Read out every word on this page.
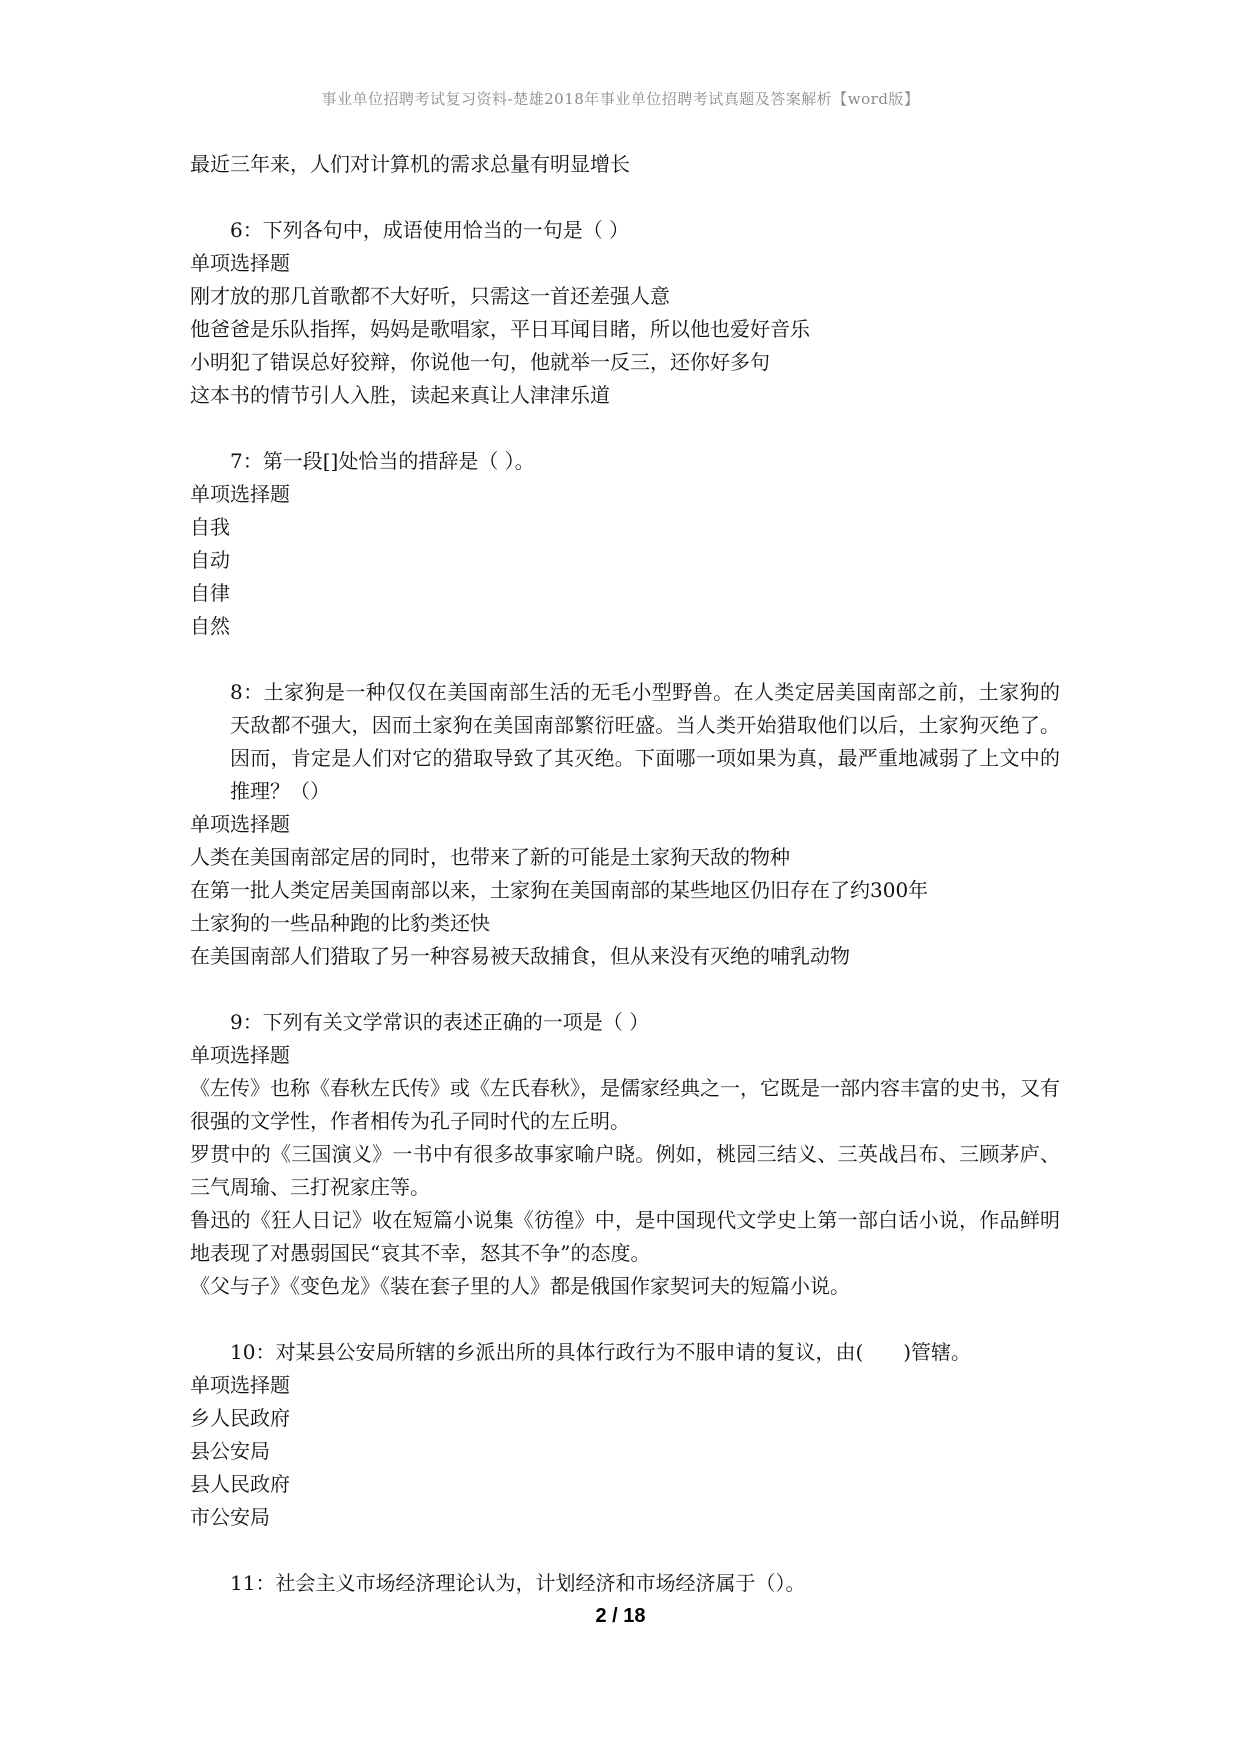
事业单位招聘考试复习资料-楚雄2018年事业单位招聘考试真题及答案解析【word版】
最近三年来，人们对计算机的需求总量有明显增长
6：下列各句中，成语使用恰当的一句是（ ）
单项选择题
刚才放的那几首歌都不大好听，只需这一首还差强人意
他爸爸是乐队指挥，妈妈是歌唱家，平日耳闻目睹，所以他也爱好音乐
小明犯了错误总好狡辩，你说他一句，他就举一反三，还你好多句
这本书的情节引人入胜，读起来真让人津津乐道
7：第一段[]处恰当的措辞是（ ）。
单项选择题
自我
自动
自律
自然
8：土家狗是一种仅仅在美国南部生活的无毛小型野兽。在人类定居美国南部之前，土家狗的天敌都不强大，因而土家狗在美国南部繁衍旺盛。当人类开始猎取他们以后，土家狗灭绝了。因而，肯定是人们对它的猎取导致了其灭绝。下面哪一项如果为真，最严重地减弱了上文中的推理？（）
单项选择题
人类在美国南部定居的同时，也带来了新的可能是土家狗天敌的物种
在第一批人类定居美国南部以来，土家狗在美国南部的某些地区仍旧存在了约300年
土家狗的一些品种跑的比豹类还快
在美国南部人们猎取了另一种容易被天敌捕食，但从来没有灭绝的哺乳动物
9：下列有关文学常识的表述正确的一项是（ ）
单项选择题
《左传》也称《春秋左氏传》或《左氏春秋》，是儒家经典之一，它既是一部内容丰富的史书，又有很强的文学性，作者相传为孔子同时代的左丘明。
罗贯中的《三国演义》一书中有很多故事家喻户晓。例如，桃园三结义、三英战吕布、三顾茅庐、三气周瑜、三打祝家庄等。
鲁迅的《狂人日记》收在短篇小说集《彷徨》中，是中国现代文学史上第一部白话小说，作品鲜明地表现了对愚弱国民“哀其不幸，怒其不争”的态度。
《父与子》《变色龙》《装在套子里的人》都是俄国作家契诃夫的短篇小说。
10：对某县公安局所辖的乡派出所的具体行政行为不服申请的复议，由(　　)管辖。
单项选择题
乡人民政府
县公安局
县人民政府
市公安局
11：社会主义市场经济理论认为，计划经济和市场经济属于（）。
2 / 18
